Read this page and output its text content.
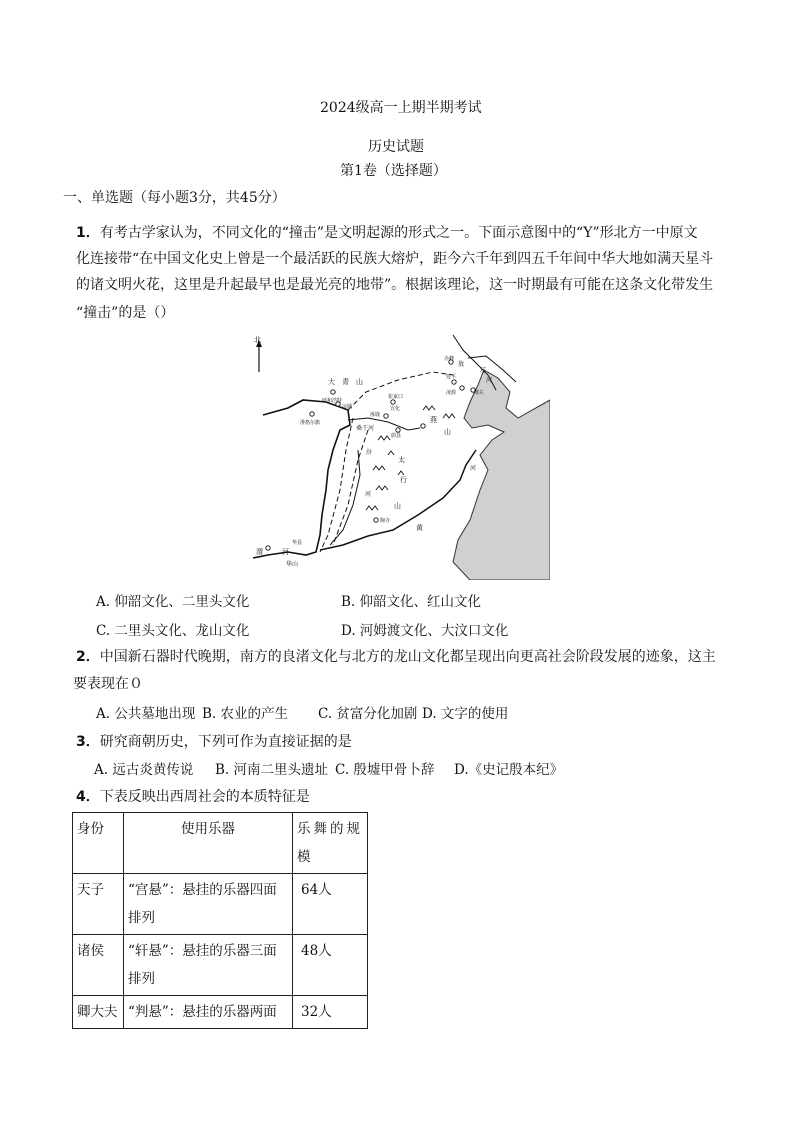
2024级高一上期半期考试
历史试题
第1卷（选择题）
一、单选题（每小题3分，共45分）
1．有考古学家认为，不同文化的“撞击”是文明起源的形式之一。下面示意图中的“Y”形北方一中原文
化连接带“在中国文化史上曾是一个最活跃的民族大熔炉，距今六千年到四五千年间中华大地如满天星斗
的诸文明火花，这里是升起最早也是最光亮的地带”。根据该理论，这一时期最有可能在这条文化带发生
“撞击”的是（）
北
大　青　山
呼和浩特
凉城
准格尔旗
张家口
宣化
涿鹿
桑干河
蔚县
燕
山
赤峰
敖
建平
辽
河
凌源	喀左
汾
河
太
行
山
陶寺
黄
河
华县
渭	河
华山
A. 仰韶文化、二里头文化	B. 仰韶文化、红山文化
C. 二里头文化、龙山文化	D. 河姆渡文化、大汶口文化
2．中国新石器时代晚期，南方的良渚文化与北方的龙山文化都呈现出向更高社会阶段发展的迹象，这主
要表现在０
A. 公共墓地出现 B. 农业的产生 C. 贫富分化加剧 D. 文字的使用
3．研究商朝历史，下列可作为直接证据的是
A. 远古炎黄传说 B. 河南二里头遗址 C. 殷墟甲骨卜辞 D.《史记殷本纪》
4．下表反映出西周社会的本质特征是
身份	使用乐器	乐舞的规模
天子	“宫悬”：悬挂的乐器四面排列	64人
诸侯	“轩悬”：悬挂的乐器三面排列	48人
卿大夫	“判悬”：悬挂的乐器两面	32人
